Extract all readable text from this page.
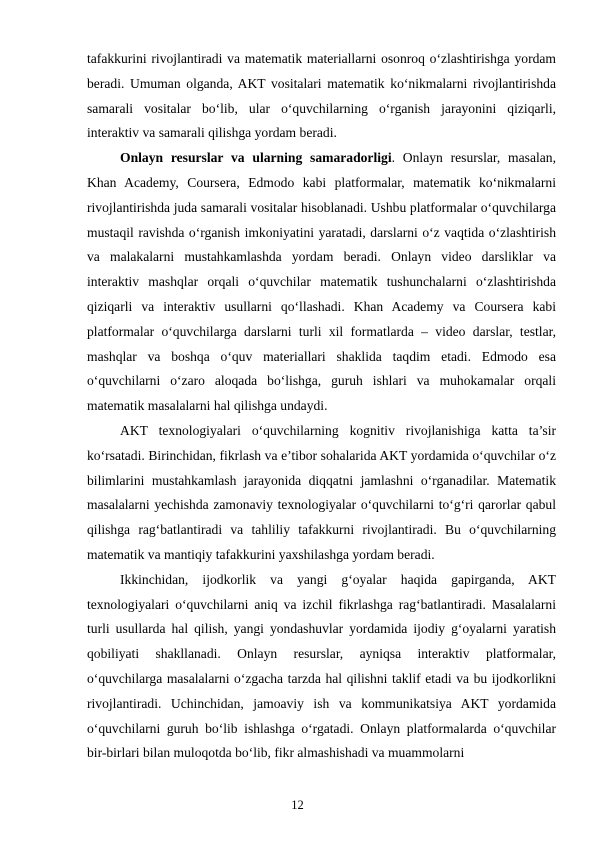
tafakkurini rivojlantiradi va matematik materiallarni osonroq o‘zlashtirishga yordam beradi. Umuman olganda, AKT vositalari matematik ko‘nikmalarni rivojlantirishda samarali vositalar bo‘lib, ular o‘quvchilarning o‘rganish jarayonini qiziqarli, interaktiv va samarali qilishga yordam beradi.

Onlayn resurslar va ularning samaradorligi. Onlayn resurslar, masalan, Khan Academy, Coursera, Edmodo kabi platformalar, matematik ko‘nikmalarni rivojlantirishda juda samarali vositalar hisoblanadi. Ushbu platformalar o‘quvchilarga mustaqil ravishda o‘rganish imkoniyatini yaratadi, darslarni o‘z vaqtida o‘zlashtirish va malakalarni mustahkamlashda yordam beradi. Onlayn video darsliklar va interaktiv mashqlar orqali o‘quvchilar matematik tushunchalarni o‘zlashtirishda qiziqarli va interaktiv usullarni qo‘llashadi. Khan Academy va Coursera kabi platformalar o‘quvchilarga darslarni turli xil formatlarda – video darslar, testlar, mashqlar va boshqa o‘quv materiallari shaklida taqdim etadi. Edmodo esa o‘quvchilarni o‘zaro aloqada bo‘lishga, guruh ishlari va muhokamalar orqali matematik masalalarni hal qilishga undaydi.

AKT texnologiyalari o‘quvchilarning kognitiv rivojlanishiga katta ta’sir ko‘rsatadi. Birinchidan, fikrlash va e’tibor sohalarida AKT yordamida o‘quvchilar o‘z bilimlarini mustahkamlash jarayonida diqqatni jamlashni o‘rganadilar. Matematik masalalarni yechishda zamonaviy texnologiyalar o‘quvchilarni to‘g‘ri qarorlar qabul qilishga rag‘batlantiradi va tahliliy tafakkurni rivojlantiradi. Bu o‘quvchilarning matematik va mantiqiy tafakkurini yaxshilashga yordam beradi.

Ikkinchidan, ijodkorlik va yangi g‘oyalar haqida gapirganda, AKT texnologiyalari o‘quvchilarni aniq va izchil fikrlashga rag‘batlantiradi. Masalalarni turli usullarda hal qilish, yangi yondashuvlar yordamida ijodiy g‘oyalarni yaratish qobiliyati shakllanadi. Onlayn resurslar, ayniqsa interaktiv platformalar, o‘quvchilarga masalalarni o‘zgacha tarzda hal qilishni taklif etadi va bu ijodkorlikni rivojlantiradi. Uchinchidan, jamoaviy ish va kommunikatsiya AKT yordamida o‘quvchilarni guruh bo‘lib ishlashga o‘rgatadi. Onlayn platformalarda o‘quvchilar bir-birlari bilan muloqotda bo‘lib, fikr almashishadi va muammolarni

12
